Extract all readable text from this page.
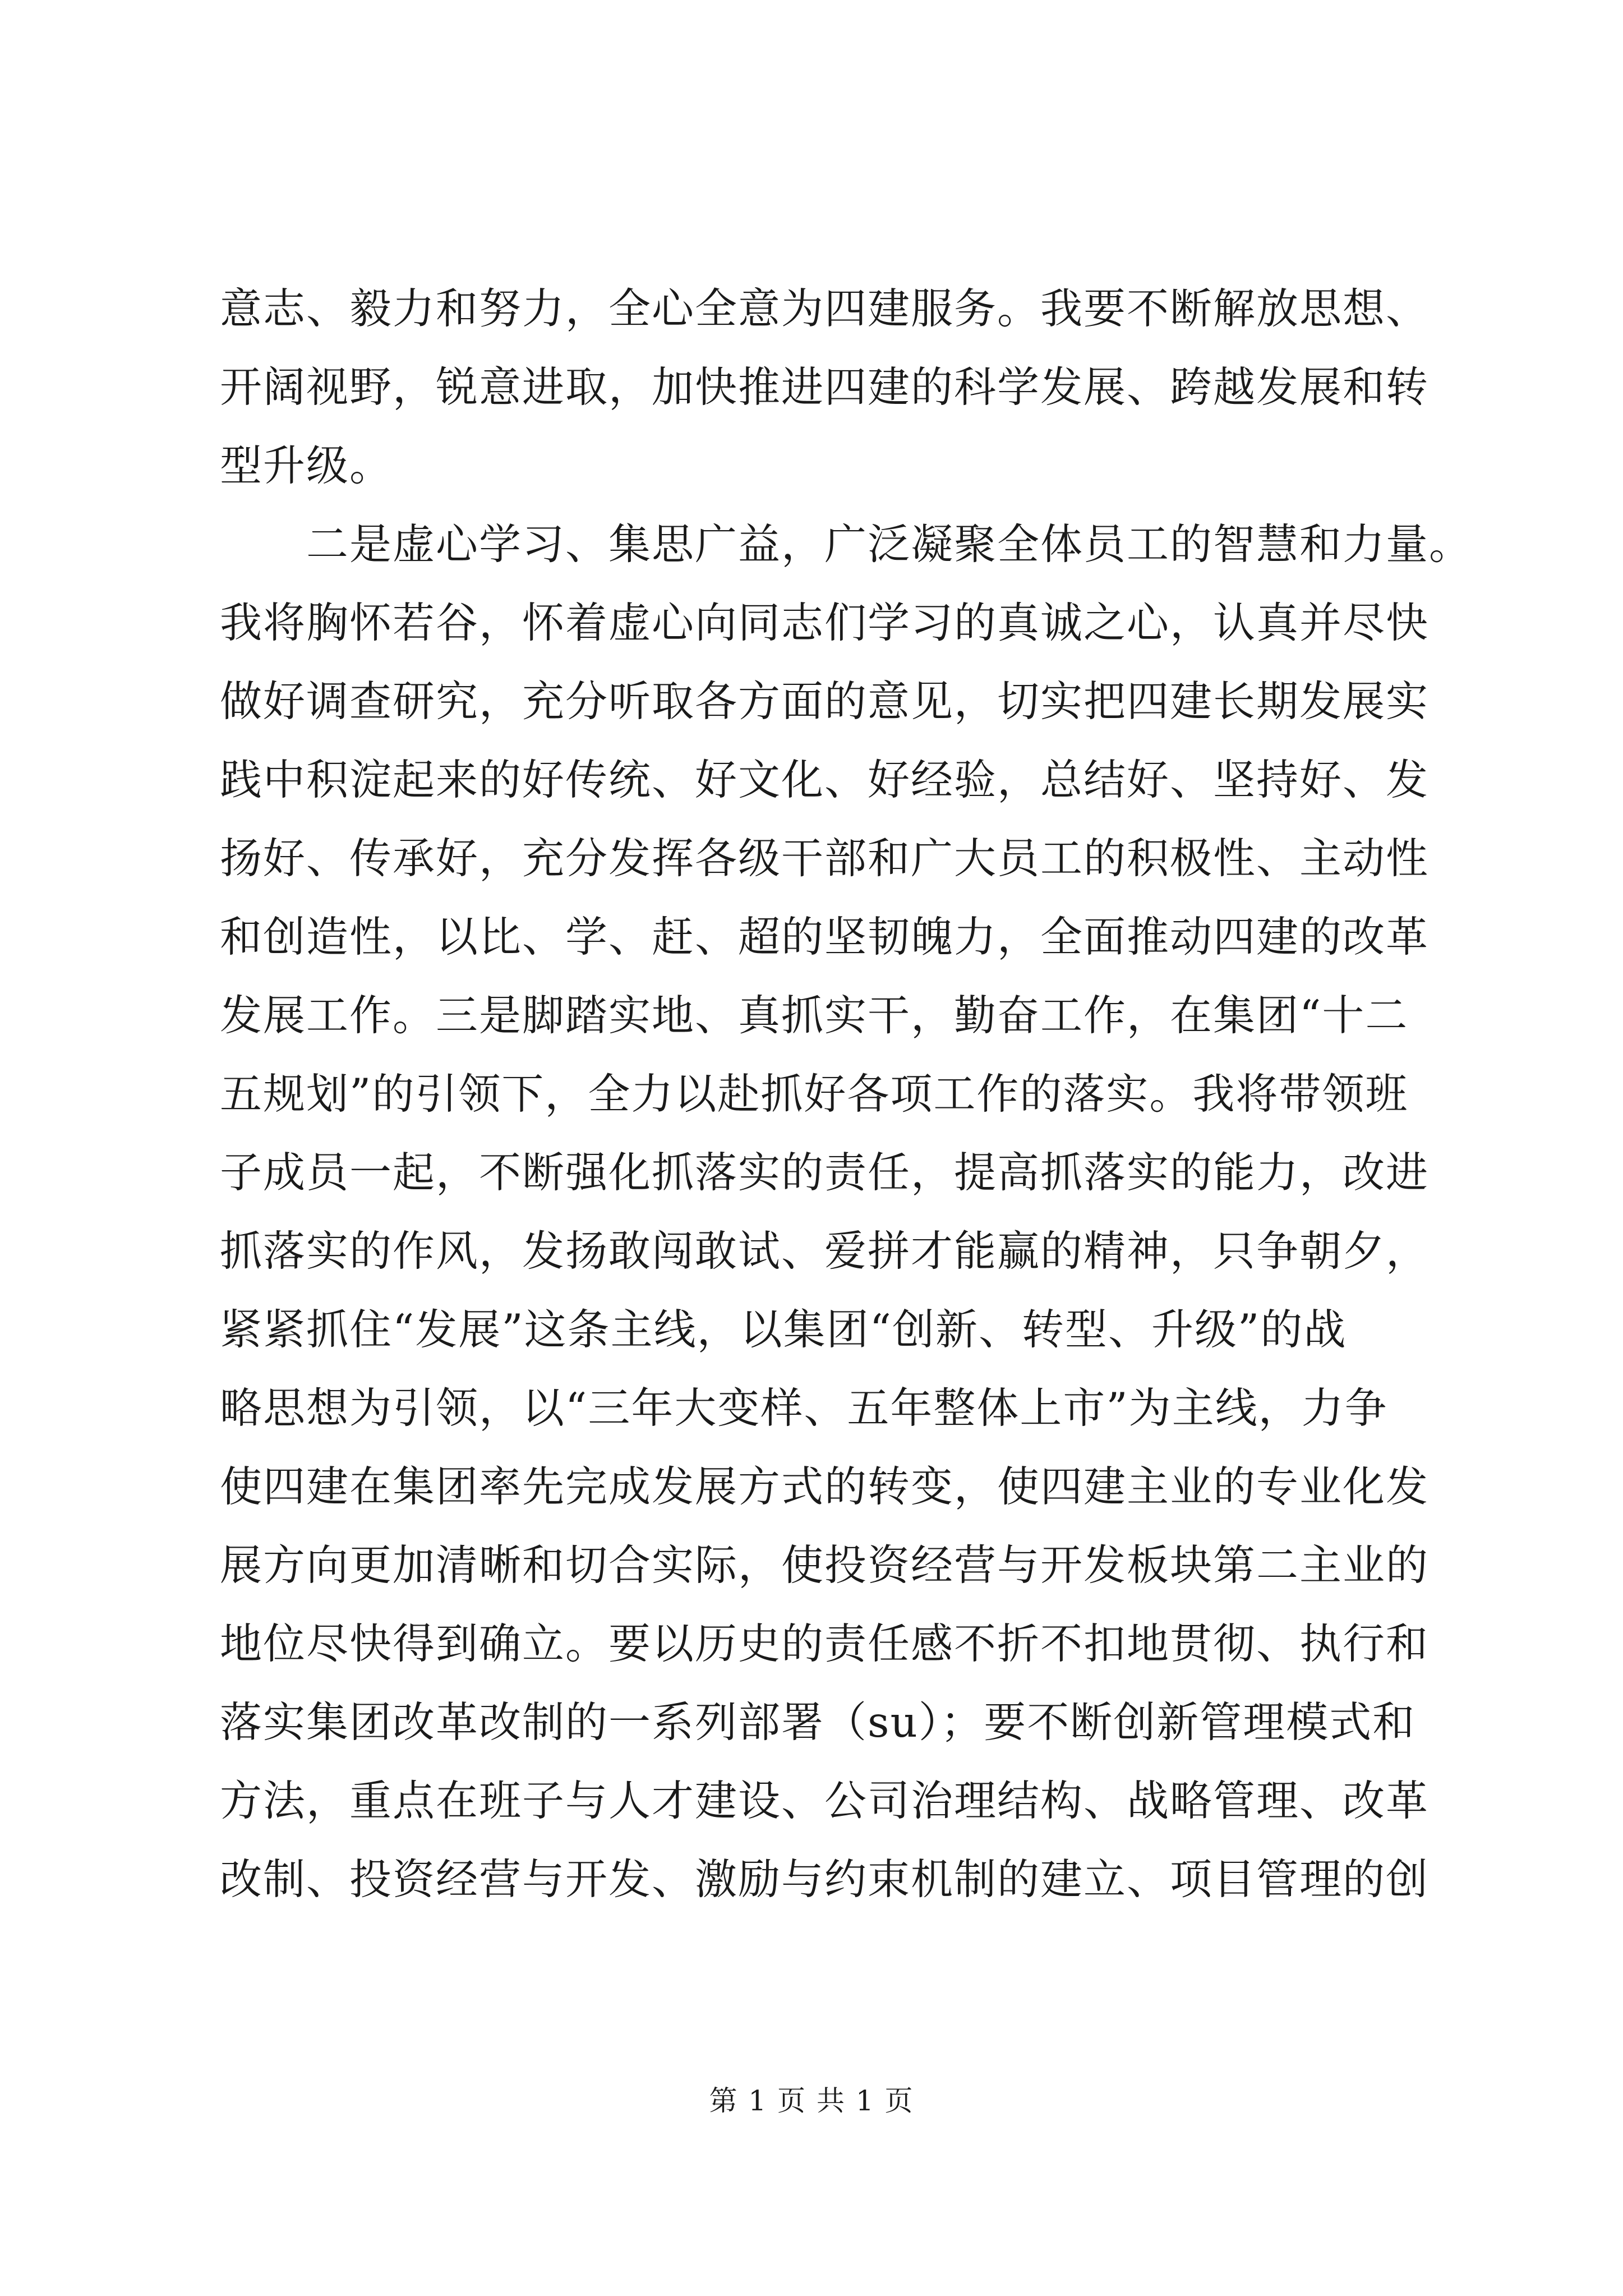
意志、毅力和努力，全心全意为四建服务。我要不断解放思想、
开阔视野，锐意进取，加快推进四建的科学发展、跨越发展和转
型升级。
　　二是虚心学习、集思广益，广泛凝聚全体员工的智慧和力量。
我将胸怀若谷，怀着虚心向同志们学习的真诚之心，认真并尽快
做好调查研究，充分听取各方面的意见，切实把四建长期发展实
践中积淀起来的好传统、好文化、好经验，总结好、坚持好、发
扬好、传承好，充分发挥各级干部和广大员工的积极性、主动性
和创造性，以比、学、赶、超的坚韧魄力，全面推动四建的改革
发展工作。三是脚踏实地、真抓实干，勤奋工作，在集团“十二
五规划”的引领下，全力以赴抓好各项工作的落实。我将带领班
子成员一起，不断强化抓落实的责任，提高抓落实的能力，改进
抓落实的作风，发扬敢闯敢试、爱拼才能赢的精神，只争朝夕，
紧紧抓住“发展”这条主线，以集团“创新、转型、升级”的战
略思想为引领，以“三年大变样、五年整体上市”为主线，力争
使四建在集团率先完成发展方式的转变，使四建主业的专业化发
展方向更加清晰和切合实际，使投资经营与开发板块第二主业的
地位尽快得到确立。要以历史的责任感不折不扣地贯彻、执行和
落实集团改革改制的一系列部署（su）；要不断创新管理模式和
方法，重点在班子与人才建设、公司治理结构、战略管理、改革
改制、投资经营与开发、激励与约束机制的建立、项目管理的创
第 1 页 共 1 页
